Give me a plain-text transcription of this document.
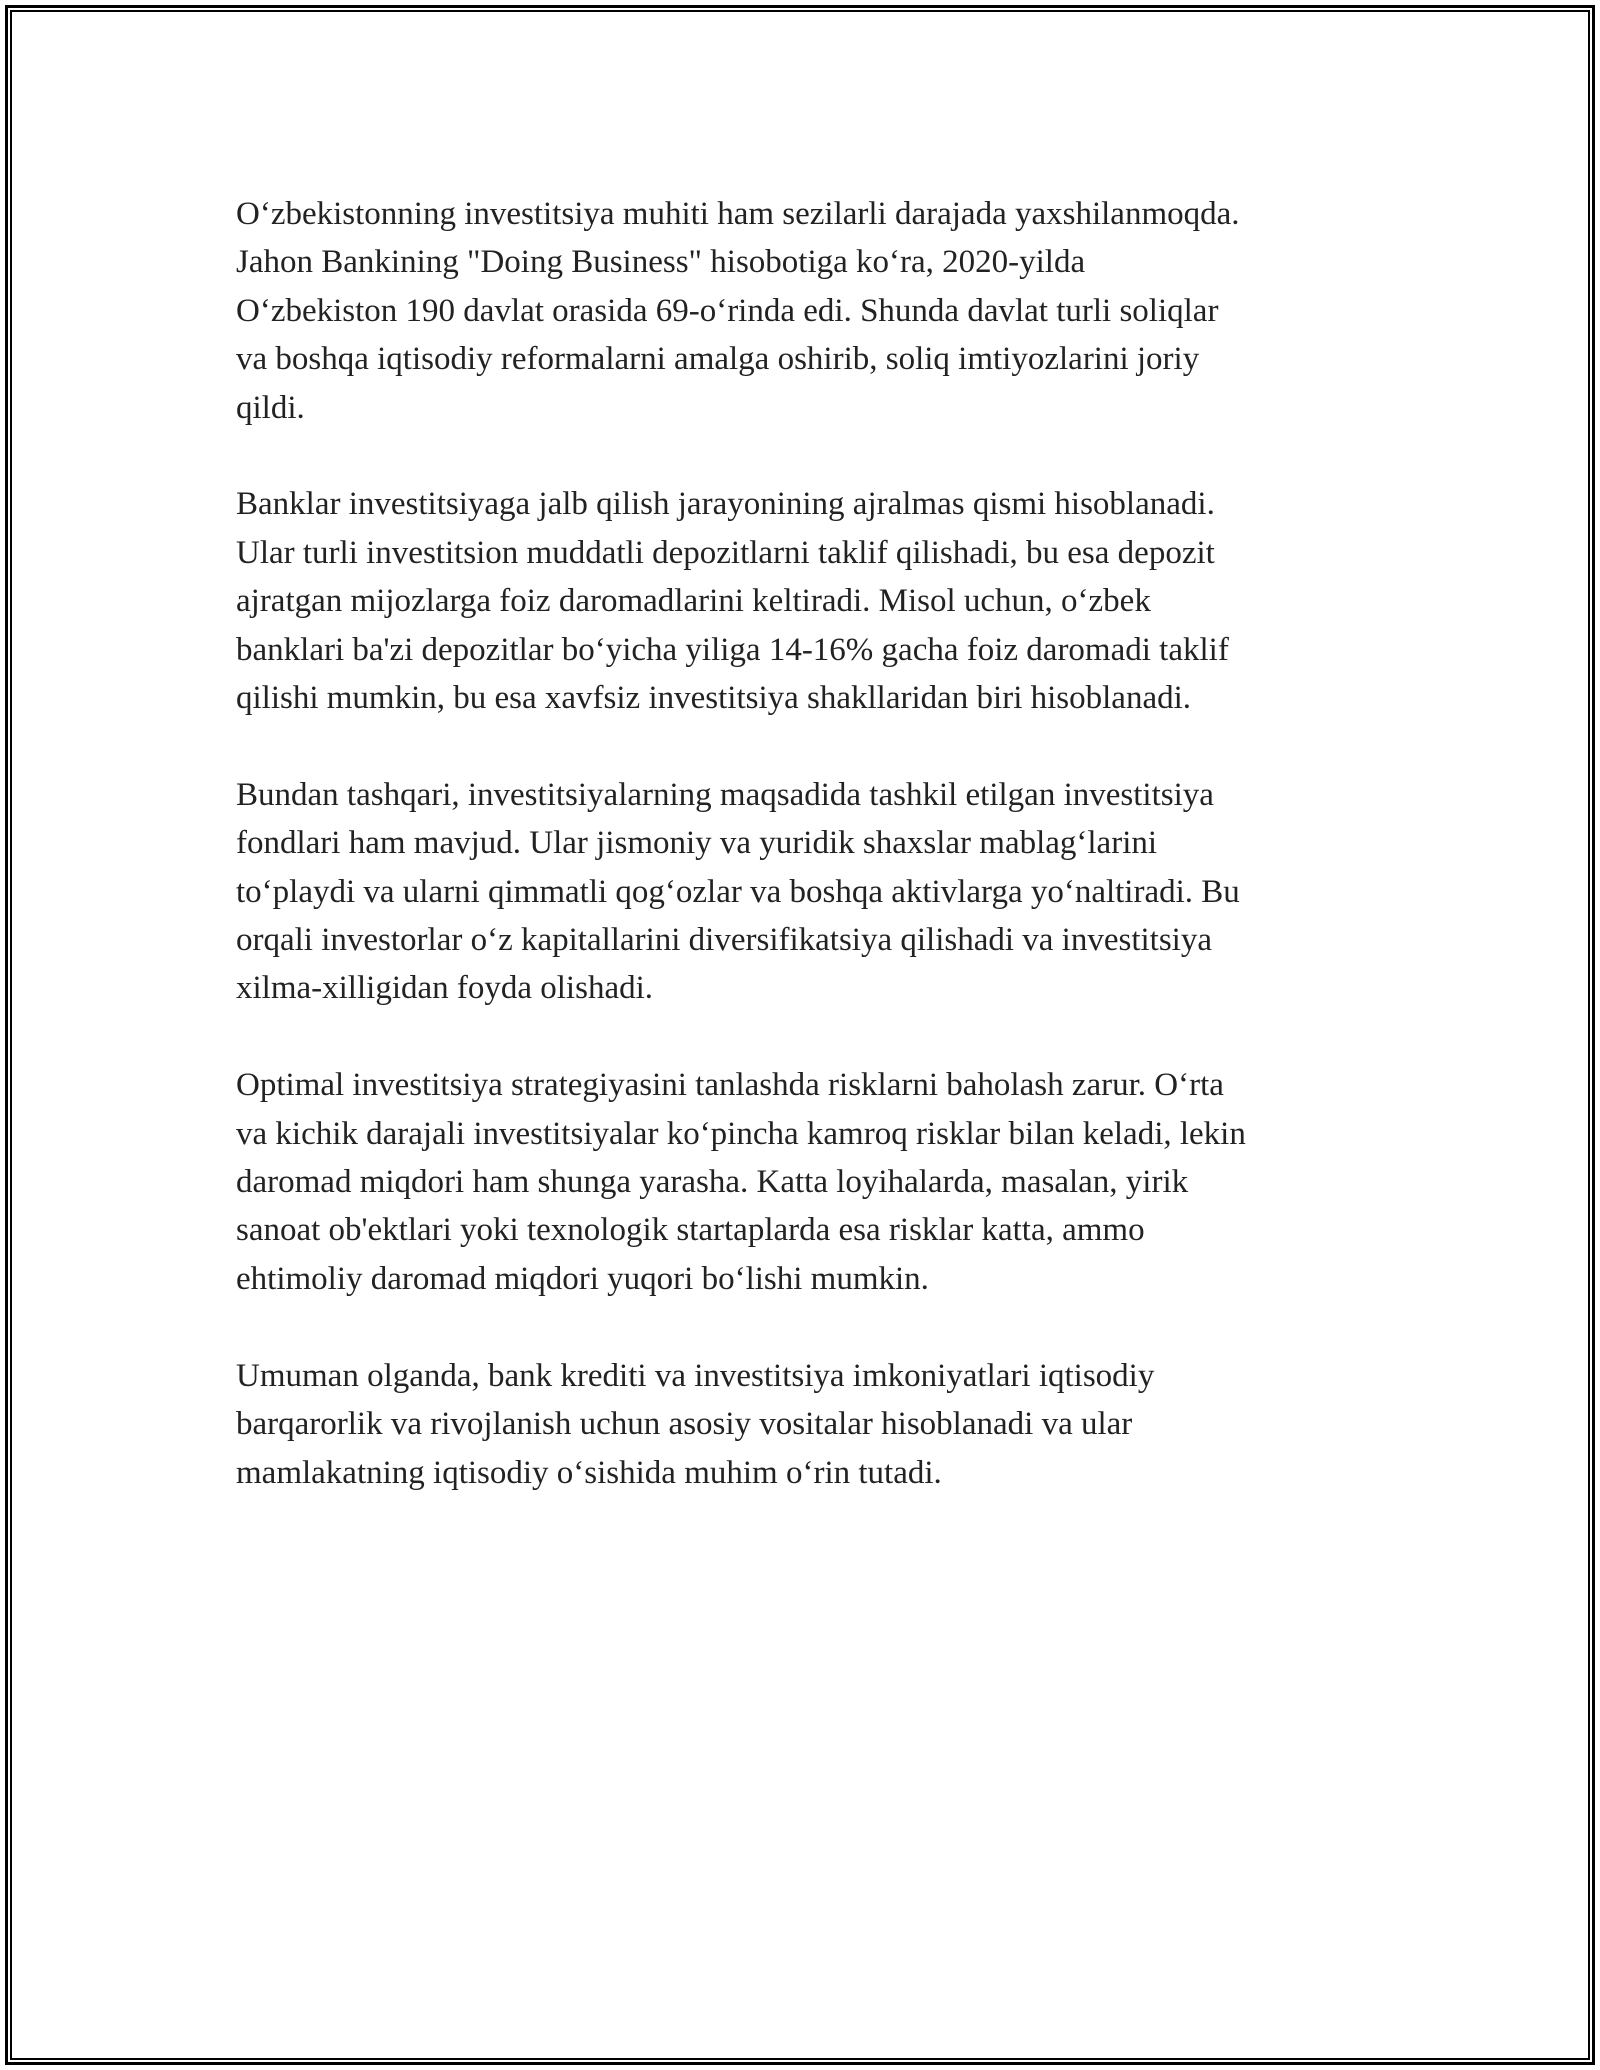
O‘zbekistonning investitsiya muhiti ham sezilarli darajada yaxshilanmoqda.
Jahon Bankining "Doing Business" hisobotiga ko‘ra, 2020-yilda
O‘zbekiston 190 davlat orasida 69-o‘rinda edi. Shunda davlat turli soliqlar
va boshqa iqtisodiy reformalarni amalga oshirib, soliq imtiyozlarini joriy
qildi.

Banklar investitsiyaga jalb qilish jarayonining ajralmas qismi hisoblanadi.
Ular turli investitsion muddatli depozitlarni taklif qilishadi, bu esa depozit
ajratgan mijozlarga foiz daromadlarini keltiradi. Misol uchun, o‘zbek
banklari ba'zi depozitlar bo‘yicha yiliga 14-16% gacha foiz daromadi taklif
qilishi mumkin, bu esa xavfsiz investitsiya shakllaridan biri hisoblanadi.

Bundan tashqari, investitsiyalarning maqsadida tashkil etilgan investitsiya
fondlari ham mavjud. Ular jismoniy va yuridik shaxslar mablag‘larini
to‘playdi va ularni qimmatli qog‘ozlar va boshqa aktivlarga yo‘naltiradi. Bu
orqali investorlar o‘z kapitallarini diversifikatsiya qilishadi va investitsiya
xilma-xilligidan foyda olishadi.

Optimal investitsiya strategiyasini tanlashda risklarni baholash zarur. O‘rta
va kichik darajali investitsiyalar ko‘pincha kamroq risklar bilan keladi, lekin
daromad miqdori ham shunga yarasha. Katta loyihalarda, masalan, yirik
sanoat ob'ektlari yoki texnologik startaplarda esa risklar katta, ammo
ehtimoliy daromad miqdori yuqori bo‘lishi mumkin.

Umuman olganda, bank krediti va investitsiya imkoniyatlari iqtisodiy
barqarorlik va rivojlanish uchun asosiy vositalar hisoblanadi va ular
mamlakatning iqtisodiy o‘sishida muhim o‘rin tutadi.
